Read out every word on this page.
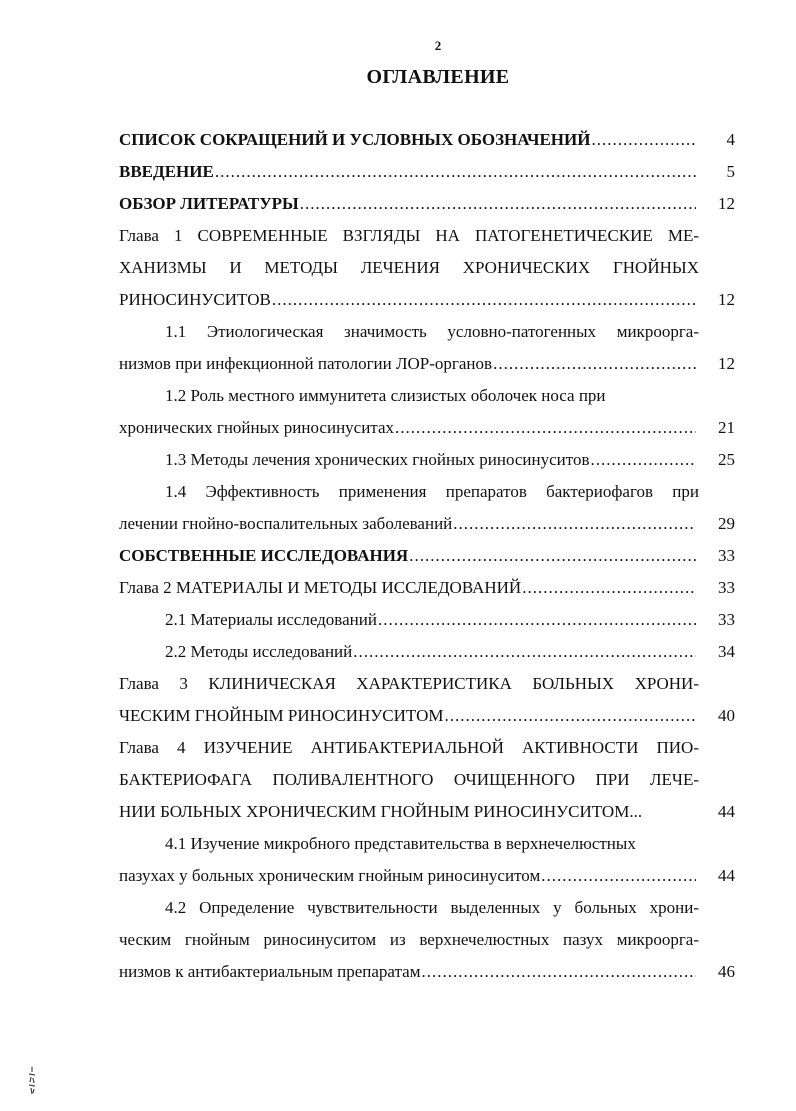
2
ОГЛАВЛЕНИЕ
СПИСОК СОКРАЩЕНИЙ И УСЛОВНЫХ ОБОЗНАЧЕНИЙ .....	4
ВВЕДЕНИЕ .....	5
ОБЗОР ЛИТЕРАТУРЫ .....	12
Глава 1 СОВРЕМЕННЫЕ ВЗГЛЯДЫ НА ПАТОГЕНЕТИЧЕСКИЕ МЕ-
ХАНИЗМЫ И МЕТОДЫ ЛЕЧЕНИЯ ХРОНИЧЕСКИХ ГНОЙНЫХ
РИНОСИНУСИТОВ .....	12
1.1 Этиологическая значимость условно-патогенных микрооргa-
низмов при инфекционной патологии ЛОР-органов .....	12
1.2 Роль местного иммунитета слизистых оболочек носа при
хронических гнойных риносинуситах .....	21
1.3 Методы лечения хронических гнойных риносинуситов .....	25
1.4 Эффективность применения препаратов бактериофагов при
лечении гнойно-воспалительных заболеваний .....	29
СОБСТВЕННЫЕ ИССЛЕДОВАНИЯ .....	33
Глава 2 МАТЕРИАЛЫ И МЕТОДЫ ИССЛЕДОВАНИЙ .....	33
2.1 Материалы исследований .....	33
2.2 Методы исследований .....	34
Глава 3 КЛИНИЧЕСКАЯ ХАРАКТЕРИСТИКА БОЛЬНЫХ ХРОНИ-
ЧЕСКИМ ГНОЙНЫМ РИНОСИНУСИТОМ .....	40
Глава 4 ИЗУЧЕНИЕ АНТИБАКТЕРИАЛЬНОЙ АКТИВНОСТИ ПИО-
БАКТЕРИОФАГА ПОЛИВАЛЕНТНОГО ОЧИЩЕННОГО ПРИ ЛЕЧЕ-
НИИ БОЛЬНЫХ ХРОНИЧЕСКИМ ГНОЙНЫМ РИНОСИНУСИТОМ...	44
4.1 Изучение микробного представительства в верхнечелюстных
пазухах у больных хроническим гнойным риносинуситом .....	44
4.2 Определение чувствительности выделенных у больных хрони-
ческим гнойным риносинуситом из верхнечелюстных пазух микроорга-
низмов к антибактериальным препаратам .....	46
